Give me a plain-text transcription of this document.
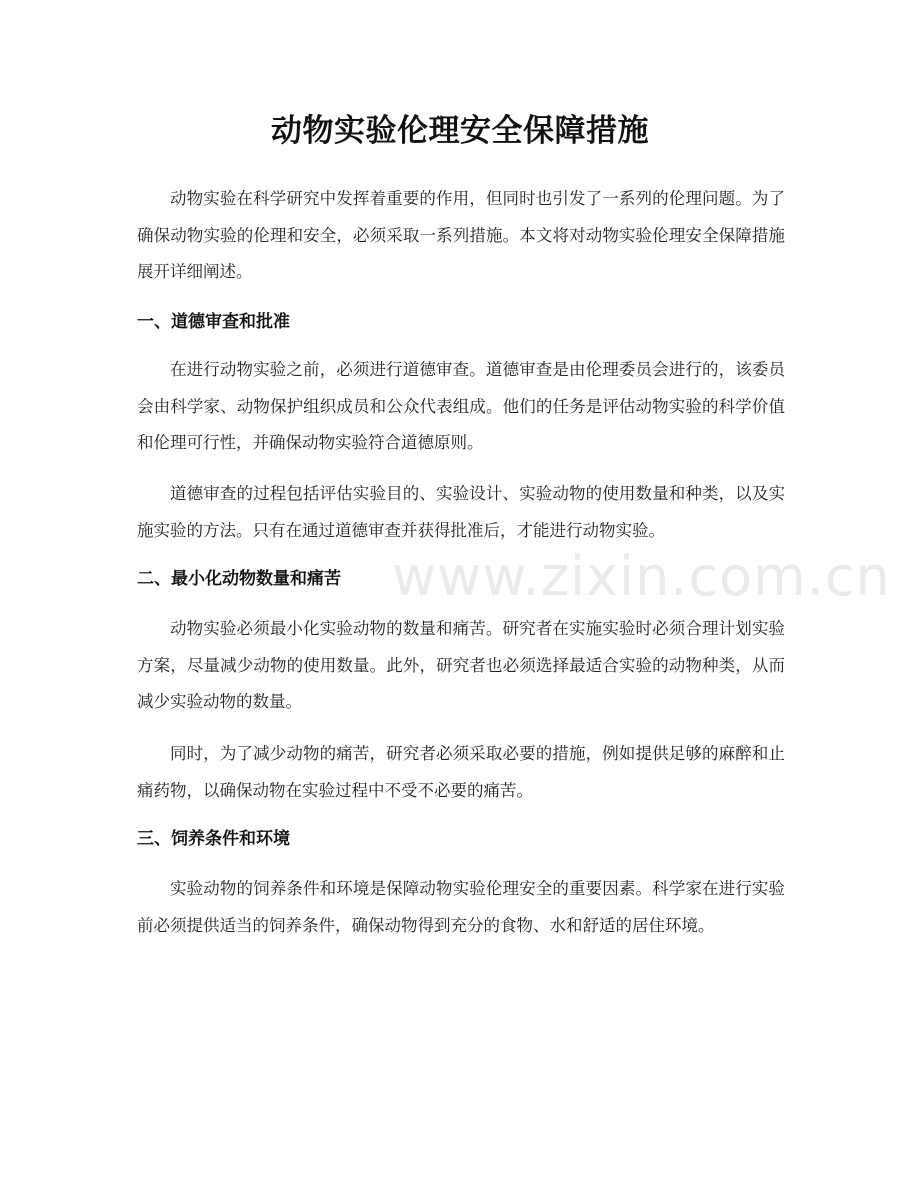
动物实验伦理安全保障措施

动物实验在科学研究中发挥着重要的作用，但同时也引发了一系列的伦理问题。为了确保动物实验的伦理和安全，必须采取一系列措施。本文将对动物实验伦理安全保障措施展开详细阐述。

一、道德审查和批准

在进行动物实验之前，必须进行道德审查。道德审查是由伦理委员会进行的，该委员会由科学家、动物保护组织成员和公众代表组成。他们的任务是评估动物实验的科学价值和伦理可行性，并确保动物实验符合道德原则。

道德审查的过程包括评估实验目的、实验设计、实验动物的使用数量和种类，以及实施实验的方法。只有在通过道德审查并获得批准后，才能进行动物实验。

二、最小化动物数量和痛苦

动物实验必须最小化实验动物的数量和痛苦。研究者在实施实验时必须合理计划实验方案，尽量减少动物的使用数量。此外，研究者也必须选择最适合实验的动物种类，从而减少实验动物的数量。

同时，为了减少动物的痛苦，研究者必须采取必要的措施，例如提供足够的麻醉和止痛药物，以确保动物在实验过程中不受不必要的痛苦。

三、饲养条件和环境

实验动物的饲养条件和环境是保障动物实验伦理安全的重要因素。科学家在进行实验前必须提供适当的饲养条件，确保动物得到充分的食物、水和舒适的居住环境。

www.zixin.com.cn
